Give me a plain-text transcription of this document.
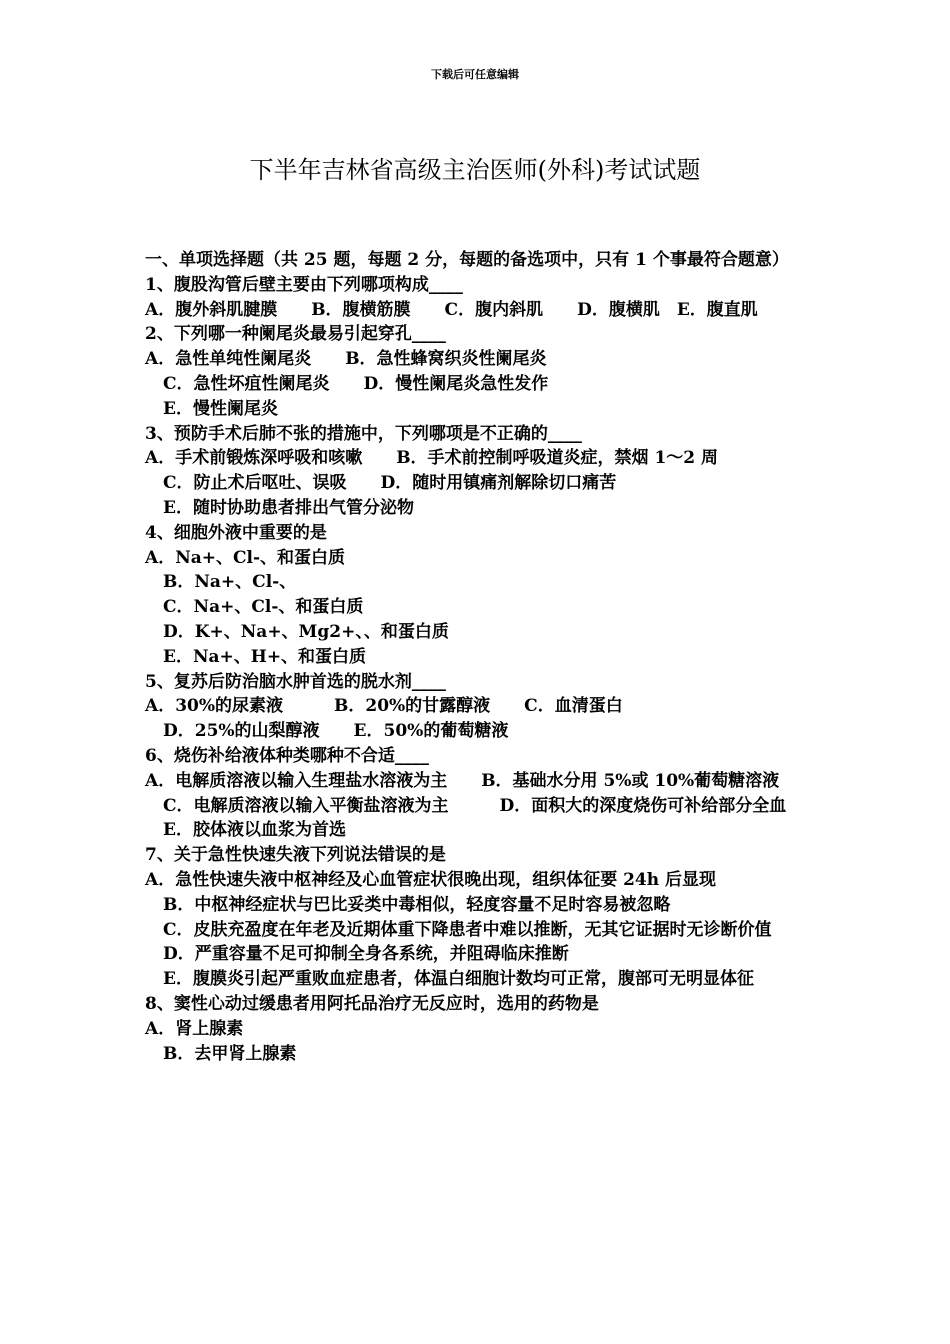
下载后可任意编辑
下半年吉林省高级主治医师(外科)考试试题

一、单项选择题（共 25 题，每题 2 分，每题的备选项中，只有 1 个事最符合题意）

1、腹股沟管后壁主要由下列哪项构成____

A．腹外斜肌腱膜　　B．腹横筋膜　　C．腹内斜肌　　D．腹横肌　E．腹直肌

2、下列哪一种阑尾炎最易引起穿孔____

A．急性单纯性阑尾炎　　B．急性蜂窝织炎性阑尾炎

C．急性坏疽性阑尾炎　　D．慢性阑尾炎急性发作

E．慢性阑尾炎

3、预防手术后肺不张的措施中，下列哪项是不正确的____

A．手术前锻炼深呼吸和咳嗽　　B．手术前控制呼吸道炎症，禁烟 1～2 周

C．防止术后呕吐、误吸　　D．随时用镇痛剂解除切口痛苦

E．随时协助患者排出气管分泌物

4、细胞外液中重要的是

A．Na+、Cl-、和蛋白质

B．Na+、Cl-、

C．Na+、Cl-、和蛋白质

D．K+、Na+、Mg2+、、和蛋白质

E．Na+、H+、和蛋白质

5、复苏后防治脑水肿首选的脱水剂____

A．30%的尿素液　　　B．20%的甘露醇液　　C．血清蛋白

D．25%的山梨醇液　　E．50%的葡萄糖液

6、烧伤补给液体种类哪种不合适____

A．电解质溶液以输入生理盐水溶液为主　　B．基础水分用 5%或 10%葡萄糖溶液

C．电解质溶液以输入平衡盐溶液为主　　　D．面积大的深度烧伤可补给部分全血

E．胶体液以血浆为首选

7、关于急性快速失液下列说法错误的是

A．急性快速失液中枢神经及心血管症状很晚出现，组织体征要 24h 后显现

B．中枢神经症状与巴比妥类中毒相似，轻度容量不足时容易被忽略

C．皮肤充盈度在年老及近期体重下降患者中难以推断，无其它证据时无诊断价值

D．严重容量不足可抑制全身各系统，并阻碍临床推断

E．腹膜炎引起严重败血症患者，体温白细胞计数均可正常，腹部可无明显体征

8、窦性心动过缓患者用阿托品治疗无反应时，选用的药物是

A．肾上腺素

B．去甲肾上腺素
